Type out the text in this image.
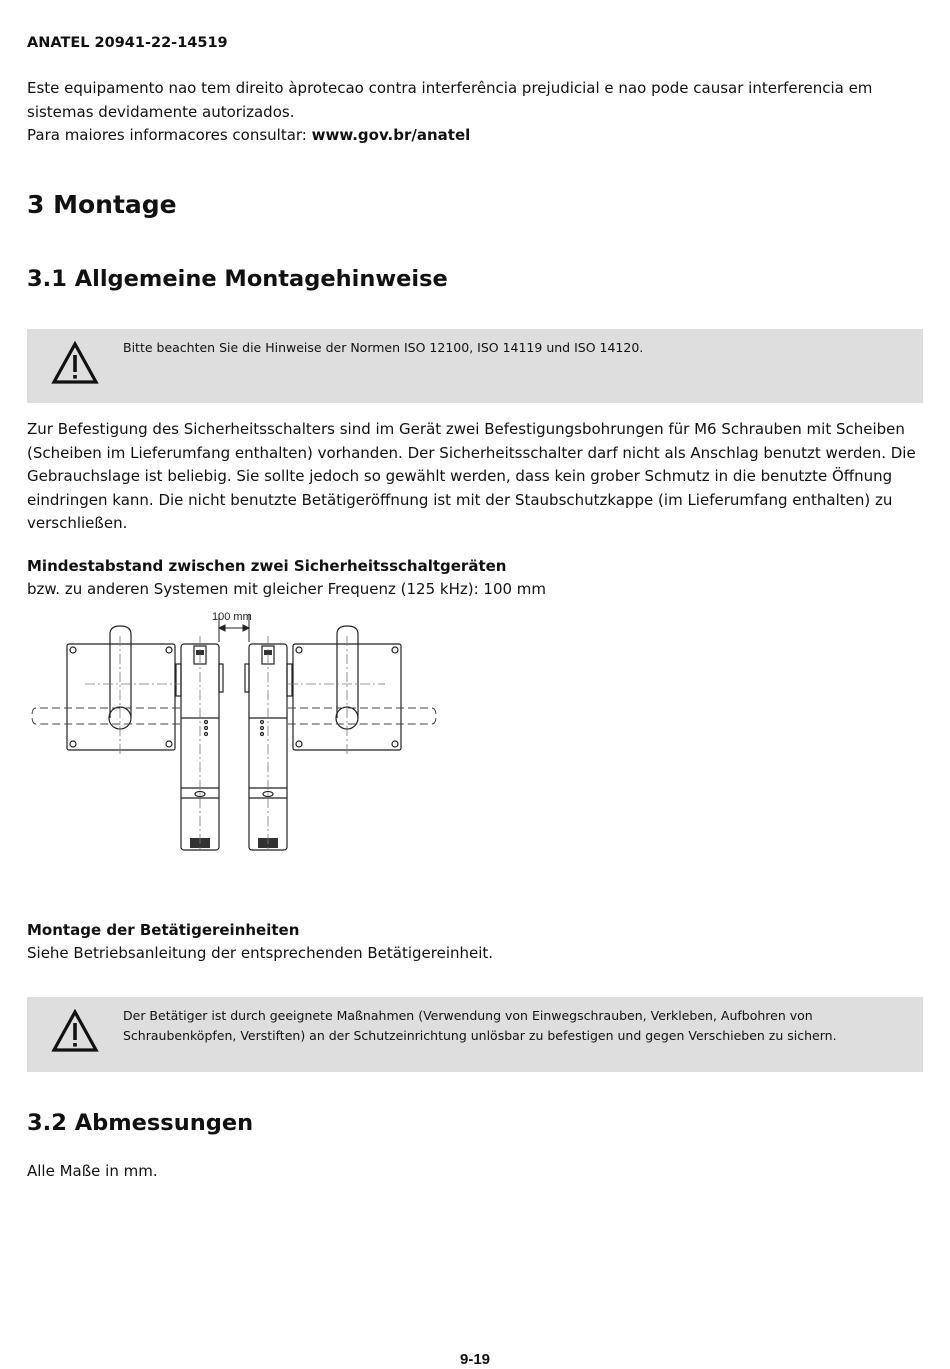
ANATEL 20941-22-14519
Este equipamento nao tem direito àprotecao contra interferência prejudicial e nao pode causar interferencia em sistemas devidamente autorizados.
Para maiores informacores consultar: www.gov.br/anatel
3 Montage
3.1 Allgemeine Montagehinweise
Bitte beachten Sie die Hinweise der Normen ISO 12100, ISO 14119 und ISO 14120.
Zur Befestigung des Sicherheitsschalters sind im Gerät zwei Befestigungsbohrungen für M6 Schrauben mit Scheiben (Scheiben im Lieferumfang enthalten) vorhanden. Der Sicherheitsschalter darf nicht als Anschlag benutzt werden. Die Gebrauchslage ist beliebig. Sie sollte jedoch so gewählt werden, dass kein grober Schmutz in die benutzte Öffnung eindringen kann. Die nicht benutzte Betätigeröffnung ist mit der Staubschutzkappe (im Lieferumfang enthalten) zu verschließen.
Mindestabstand zwischen zwei Sicherheitsschaltgeräten
bzw. zu anderen Systemen mit gleicher Frequenz (125 kHz): 100 mm
100 mm
Montage der Betätigereinheiten
Siehe Betriebsanleitung der entsprechenden Betätigereinheit.
Der Betätiger ist durch geeignete Maßnahmen (Verwendung von Einwegschrauben, Verkleben, Aufbohren von Schraubenköpfen, Verstiften) an der Schutzeinrichtung unlösbar zu befestigen und gegen Verschieben zu sichern.
3.2 Abmessungen
Alle Maße in mm.
9-19
